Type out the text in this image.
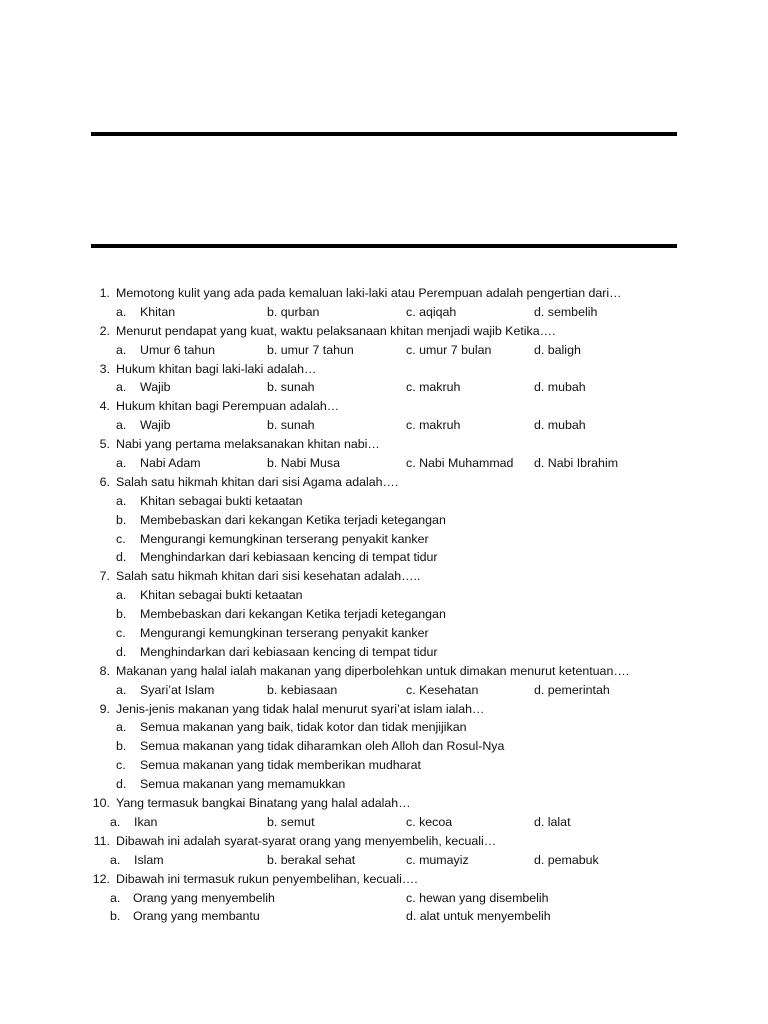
1. Memotong kulit yang ada pada kemaluan laki-laki atau Perempuan adalah pengertian dari…
a. Khitan	b. qurban	c. aqiqah	d. sembelih
2. Menurut pendapat yang kuat, waktu pelaksanaan khitan menjadi wajib Ketika….
a. Umur 6 tahun	b. umur 7 tahun	c. umur 7 bulan	d. baligh
3. Hukum khitan bagi laki-laki adalah…
a. Wajib	b. sunah	c. makruh	d. mubah
4. Hukum khitan bagi Perempuan adalah…
a. Wajib	b. sunah	c. makruh	d. mubah
5. Nabi yang pertama melaksanakan khitan nabi…
a. Nabi Adam	b. Nabi Musa	c. Nabi Muhammad d. Nabi Ibrahim
6. Salah satu hikmah khitan dari sisi Agama adalah….
a. Khitan sebagai bukti ketaatan
b. Membebaskan dari kekangan Ketika terjadi ketegangan
c. Mengurangi kemungkinan terserang penyakit kanker
d. Menghindarkan dari kebiasaan kencing di tempat tidur
7. Salah satu hikmah khitan dari sisi kesehatan adalah…..
a. Khitan sebagai bukti ketaatan
b. Membebaskan dari kekangan Ketika terjadi ketegangan
c. Mengurangi kemungkinan terserang penyakit kanker
d. Menghindarkan dari kebiasaan kencing di tempat tidur
8. Makanan yang halal ialah makanan yang diperbolehkan untuk dimakan menurut ketentuan….
a. Syari’at Islam	b. kebiasaan	c. Kesehatan	d. pemerintah
9. Jenis-jenis makanan yang tidak halal menurut syari’at islam ialah…
a. Semua makanan yang baik, tidak kotor dan tidak menjijikan
b. Semua makanan yang tidak diharamkan oleh Alloh dan Rosul-Nya
c. Semua makanan yang tidak memberikan mudharat
d. Semua makanan yang memamukkan
10. Yang termasuk bangkai Binatang yang halal adalah…
a. Ikan	b. semut	c. kecoa	d. lalat
11. Dibawah ini adalah syarat-syarat orang yang menyembelih, kecuali…
a. Islam	b. berakal sehat	c. mumayiz	d. pemabuk
12. Dibawah ini termasuk rukun penyembelihan, kecuali….
a. Orang yang menyembelih	c. hewan yang disembelih
b. Orang yang membantu	d. alat untuk menyembelih
